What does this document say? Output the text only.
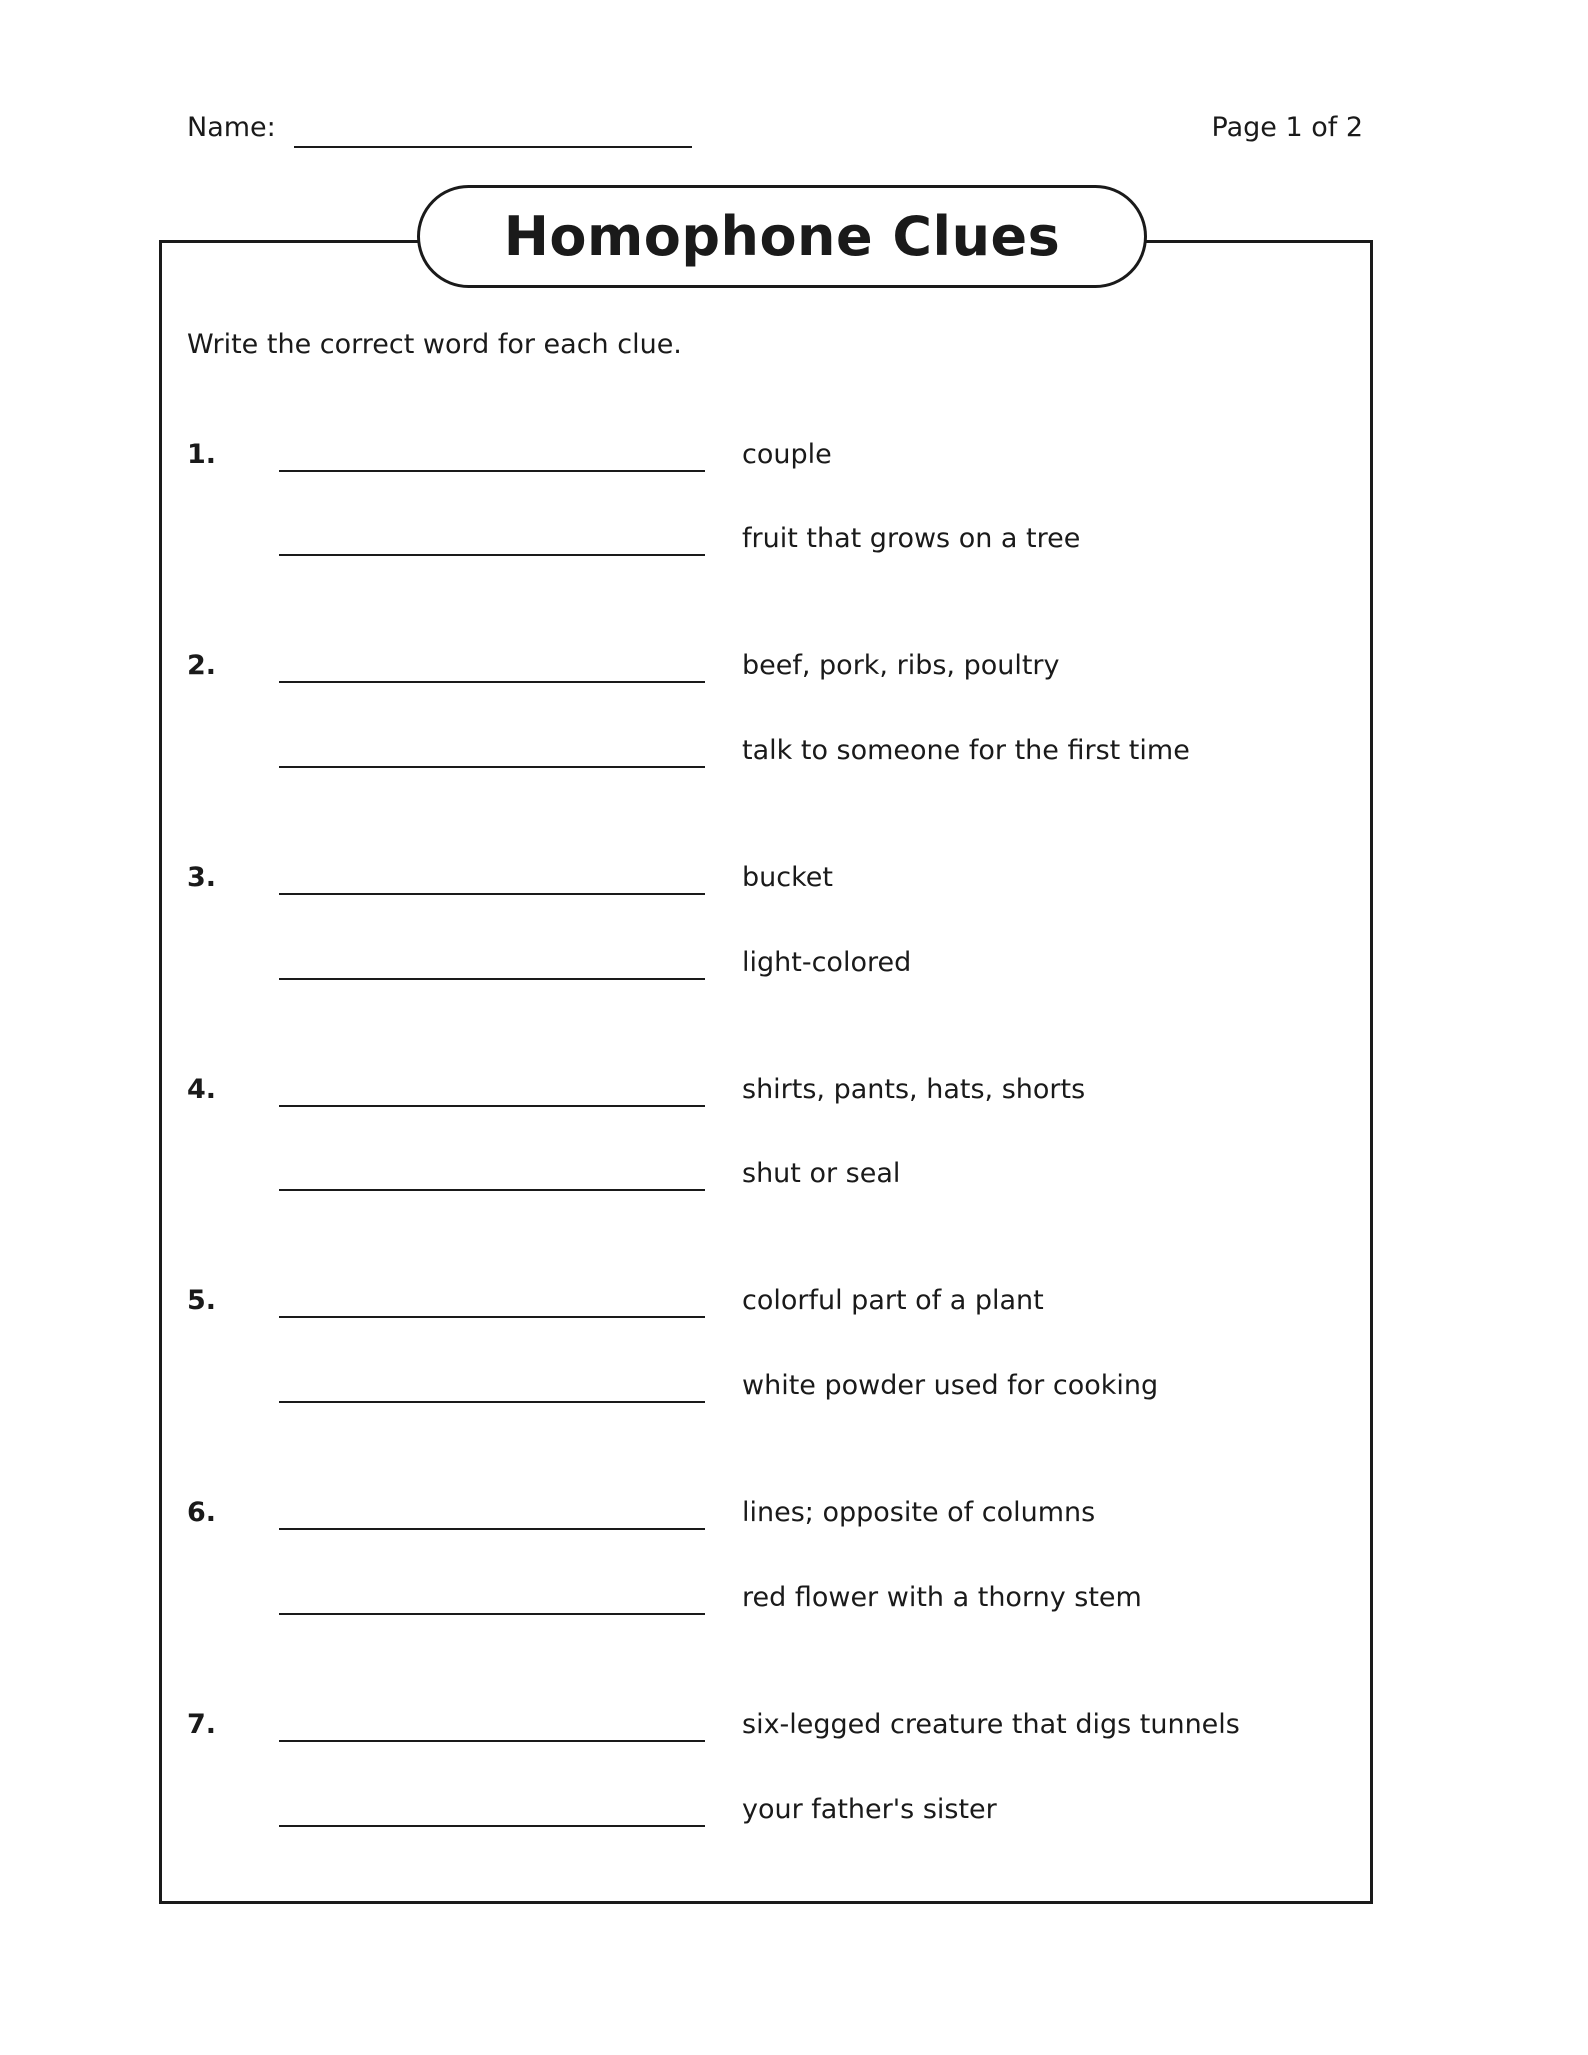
Name:	Page 1 of 2
Homophone Clues
Write the correct word for each clue.
1.	couple
fruit that grows on a tree
2.	beef, pork, ribs, poultry
talk to someone for the first time
3.	bucket
light-colored
4.	shirts, pants, hats, shorts
shut or seal
5.	colorful part of a plant
white powder used for cooking
6.	lines; opposite of columns
red flower with a thorny stem
7.	six-legged creature that digs tunnels
your father's sister
